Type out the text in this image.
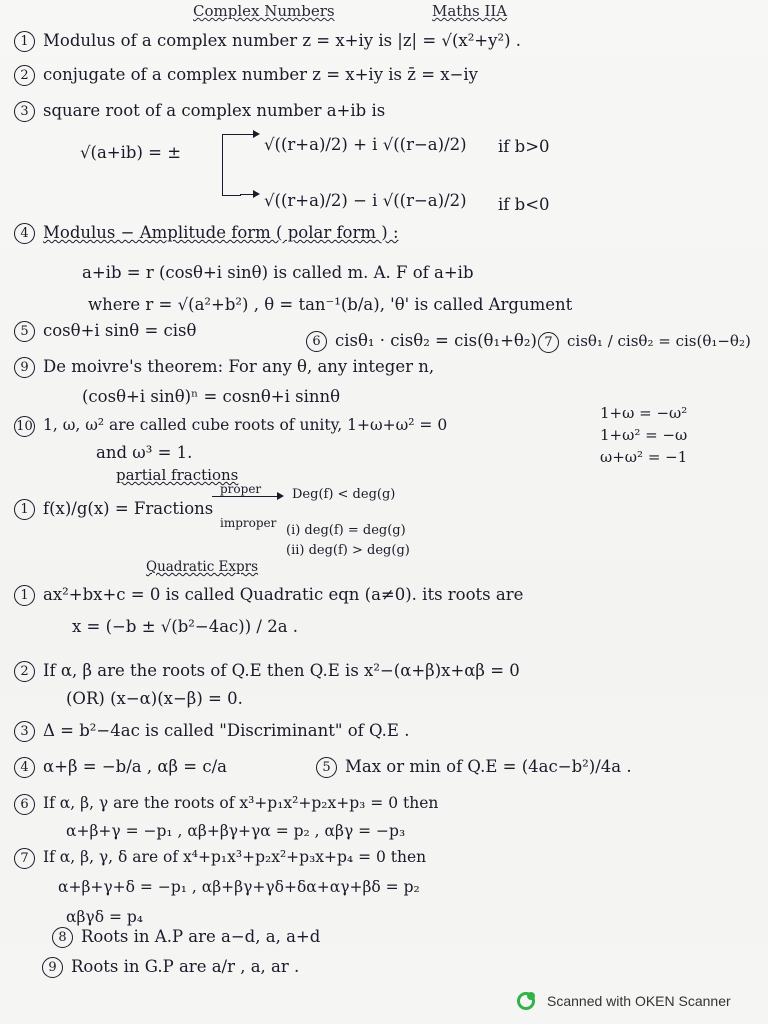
Complex Numbers	Maths IIA
1 Modulus of a complex number z = x+iy is |z| = √(x²+y²) .
2 conjugate of a complex number z = x+iy is z̄ = x−iy
3 square root of a complex number a+ib is
√(a+ib) = ±	√((r+a)/2) + i √((r−a)/2) if b>0
√((r+a)/2) − i √((r−a)/2) if b<0
4 Modulus − Amplitude form ( polar form ) :
a+ib = r (cosθ+i sinθ) is called m. A. F of a+ib
where r = √(a²+b²) , θ = tan⁻¹(b/a), 'θ' is called Argument
5 cosθ+i sinθ = cisθ
6 cisθ₁ · cisθ₂ = cis(θ₁+θ₂) 7 cisθ₁ / cisθ₂ = cis(θ₁−θ₂)
9 De moivre's theorem: For any θ, any integer n,
(cosθ+i sinθ)ⁿ = cosnθ+i sinnθ
10 1, ω, ω² are called cube roots of unity, 1+ω+ω² = 0
and ω³ = 1.
1+ω = −ω²
1+ω² = −ω
ω+ω² = −1
partial fractions
1 f(x)/g(x) = Fractions
proper Deg(f) < deg(g)
improper (i) deg(f) = deg(g)
(ii) deg(f) > deg(g)
Quadratic Exprs
1 ax²+bx+c = 0 is called Quadratic eqn (a≠0). its roots are
x = (−b ± √(b²−4ac)) / 2a .
2 If α, β are the roots of Q.E then Q.E is x²−(α+β)x+αβ = 0
(OR) (x−α)(x−β) = 0.
3 Δ = b²−4ac is called "Discriminant" of Q.E .
4 α+β = −b/a , αβ = c/a	5 Max or min of Q.E = (4ac−b²)/4a .
6 If α, β, γ are the roots of x³+p₁x²+p₂x+p₃ = 0 then
α+β+γ = −p₁ , αβ+βγ+γα = p₂ , αβγ = −p₃
7 If α, β, γ, δ are of x⁴+p₁x³+p₂x²+p₃x+p₄ = 0 then
α+β+γ+δ = −p₁ , αβ+βγ+γδ+δα+αγ+βδ = p₂
αβγδ = p₄
8 Roots in A.P are a−d, a, a+d
9 Roots in G.P are a/r , a, ar .
Scanned with OKEN Scanner
